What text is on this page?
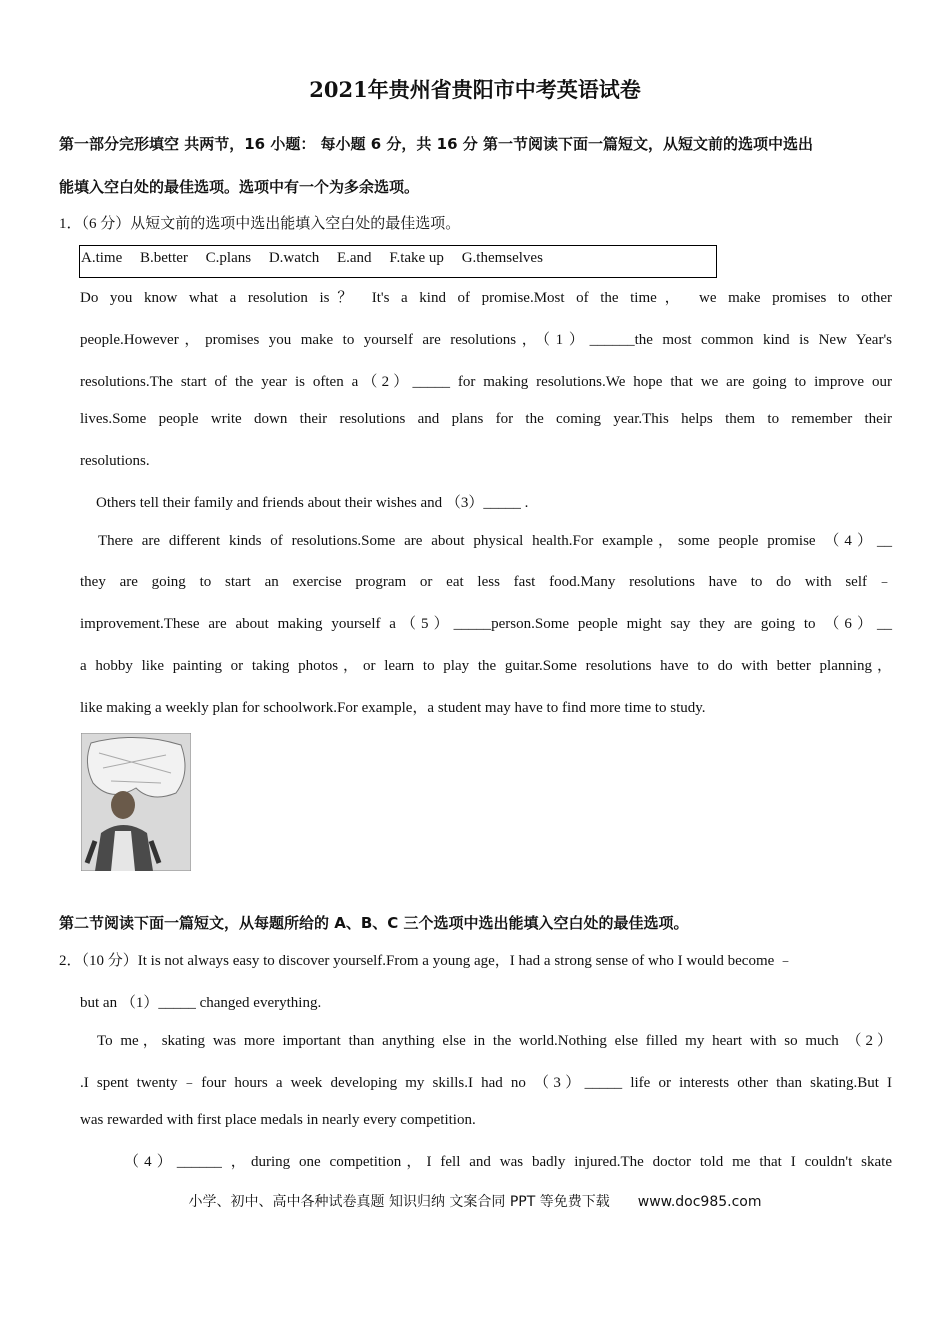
2021年贵州省贵阳市中考英语试卷
第一部分完形填空 共两节，16 小题： 每小题 6 分，共 16 分 第一节阅读下面一篇短文，从短文前的选项中选出
能填入空白处的最佳选项。选项中有一个为多余选项。
1．（6 分）从短文前的选项中选出能填入空白处的最佳选项。
A.time B.better C.plans D.watch E.and F.take up G.themselves
Do you know what a resolution is？ It's a kind of promise.Most of the time， we make promises to other
people.However，promises you make to yourself are resolutions，（1）______the most common kind is New Year's
resolutions.The start of the year is often a（2）_____ for making resolutions.We hope that we are going to improve our
lives.Some people write down their resolutions and plans for the coming year.This helps them to remember their
resolutions.
Others tell their family and friends about their wishes and （3）_____ .
There are different kinds of resolutions.Some are about physical health.For example，some people promise （4）__
they are going to start an exercise program or eat less fast food.Many resolutions have to do with self﹣
improvement.These are about making yourself a（5）_____person.Some people might say they are going to （6）__
a hobby like painting or taking photos，or learn to play the guitar.Some resolutions have to do with better planning，
like making a weekly plan for schoolwork.For example，a student may have to find more time to study.
第二节阅读下面一篇短文，从每题所给的 A、B、C 三个选项中选出能填入空白处的最佳选项。
2．（10 分）It is not always easy to discover yourself.From a young age，I had a strong sense of who I would become ﹣
but an （1）_____ changed everything.
To me，skating was more important than anything else in the world.Nothing else filled my heart with so much （2）
.I spent twenty﹣four hours a week developing my skills.I had no （3）_____ life or interests other than skating.But I
was rewarded with first place medals in nearly every competition.
（4）______ ，during one competition，I fell and was badly injured.The doctor told me that I couldn't skate
小学、初中、高中各种试卷真题 知识归纳 文案合同 PPT 等免费下载 www.doc985.com
